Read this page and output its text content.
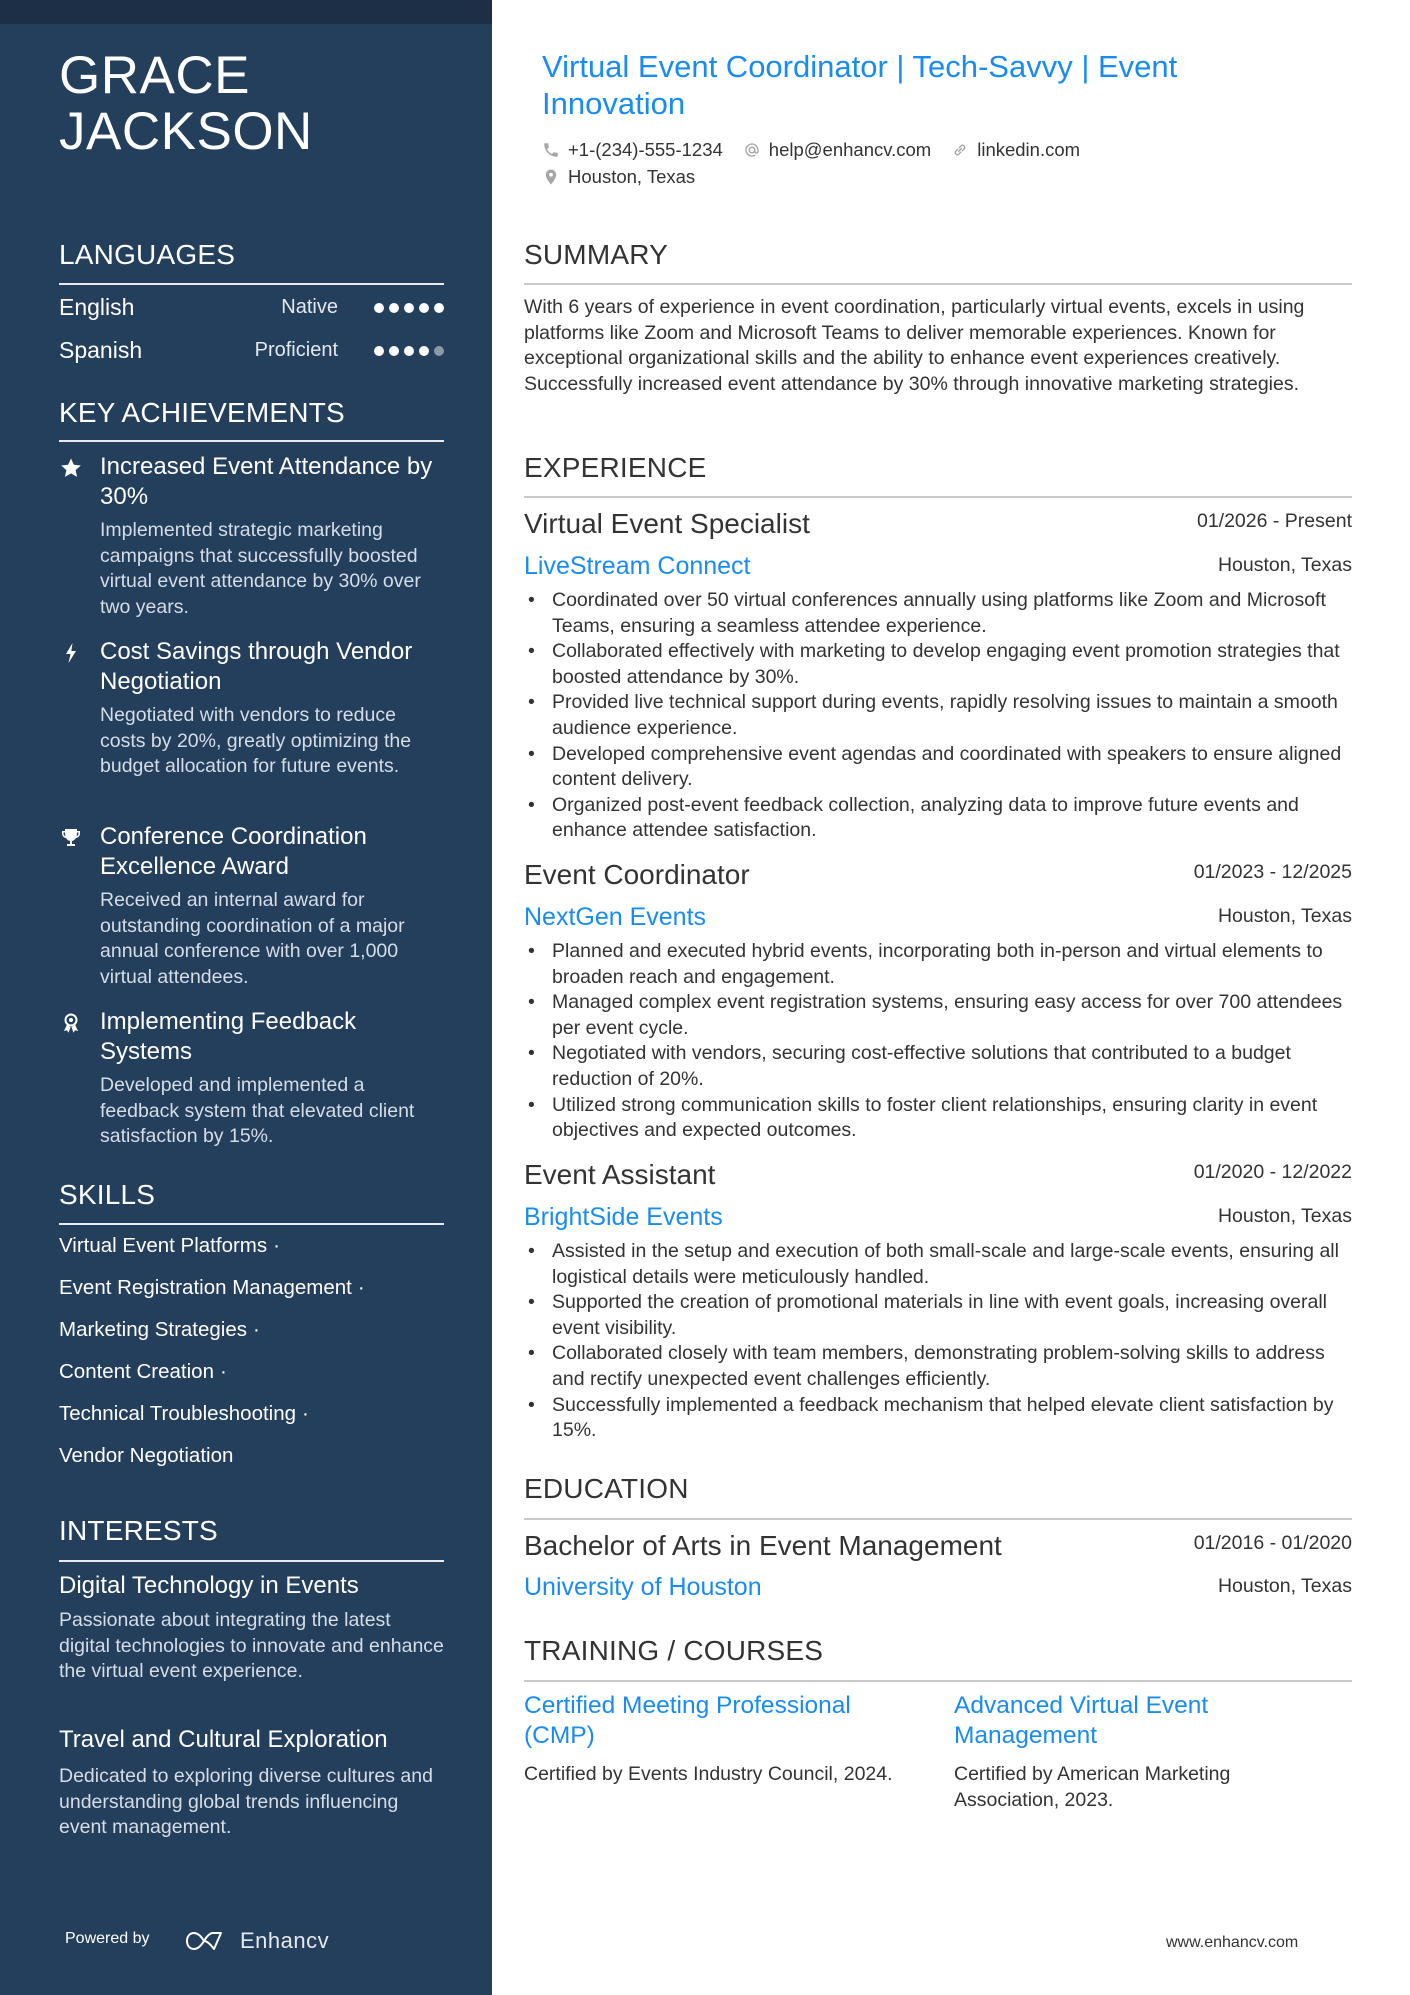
GRACE
JACKSON
LANGUAGES
English	Native
Spanish	Proficient
KEY ACHIEVEMENTS
Increased Event Attendance by 30%
Implemented strategic marketing campaigns that successfully boosted virtual event attendance by 30% over two years.
Cost Savings through Vendor Negotiation
Negotiated with vendors to reduce costs by 20%, greatly optimizing the budget allocation for future events.
Conference Coordination Excellence Award
Received an internal award for outstanding coordination of a major annual conference with over 1,000 virtual attendees.
Implementing Feedback Systems
Developed and implemented a feedback system that elevated client satisfaction by 15%.
SKILLS
Virtual Event Platforms ·
Event Registration Management ·
Marketing Strategies ·
Content Creation ·
Technical Troubleshooting ·
Vendor Negotiation
INTERESTS
Digital Technology in Events
Passionate about integrating the latest digital technologies to innovate and enhance the virtual event experience.
Travel and Cultural Exploration
Dedicated to exploring diverse cultures and understanding global trends influencing event management.
Powered by	Enhancv
Virtual Event Coordinator | Tech-Savvy | Event Innovation
+1-(234)-555-1234 help@enhancv.com linkedin.com
Houston, Texas
SUMMARY
With 6 years of experience in event coordination, particularly virtual events, excels in using platforms like Zoom and Microsoft Teams to deliver memorable experiences. Known for exceptional organizational skills and the ability to enhance event experiences creatively. Successfully increased event attendance by 30% through innovative marketing strategies.
EXPERIENCE
Virtual Event Specialist	01/2026 - Present
LiveStream Connect	Houston, Texas
• Coordinated over 50 virtual conferences annually using platforms like Zoom and Microsoft Teams, ensuring a seamless attendee experience.
• Collaborated effectively with marketing to develop engaging event promotion strategies that boosted attendance by 30%.
• Provided live technical support during events, rapidly resolving issues to maintain a smooth audience experience.
• Developed comprehensive event agendas and coordinated with speakers to ensure aligned content delivery.
• Organized post-event feedback collection, analyzing data to improve future events and enhance attendee satisfaction.
Event Coordinator	01/2023 - 12/2025
NextGen Events	Houston, Texas
• Planned and executed hybrid events, incorporating both in-person and virtual elements to broaden reach and engagement.
• Managed complex event registration systems, ensuring easy access for over 700 attendees per event cycle.
• Negotiated with vendors, securing cost-effective solutions that contributed to a budget reduction of 20%.
• Utilized strong communication skills to foster client relationships, ensuring clarity in event objectives and expected outcomes.
Event Assistant	01/2020 - 12/2022
BrightSide Events	Houston, Texas
• Assisted in the setup and execution of both small-scale and large-scale events, ensuring all logistical details were meticulously handled.
• Supported the creation of promotional materials in line with event goals, increasing overall event visibility.
• Collaborated closely with team members, demonstrating problem-solving skills to address and rectify unexpected event challenges efficiently.
• Successfully implemented a feedback mechanism that helped elevate client satisfaction by 15%.
EDUCATION
Bachelor of Arts in Event Management	01/2016 - 01/2020
University of Houston	Houston, Texas
TRAINING / COURSES
Certified Meeting Professional (CMP)
Certified by Events Industry Council, 2024.
Advanced Virtual Event Management
Certified by American Marketing Association, 2023.
www.enhancv.com
